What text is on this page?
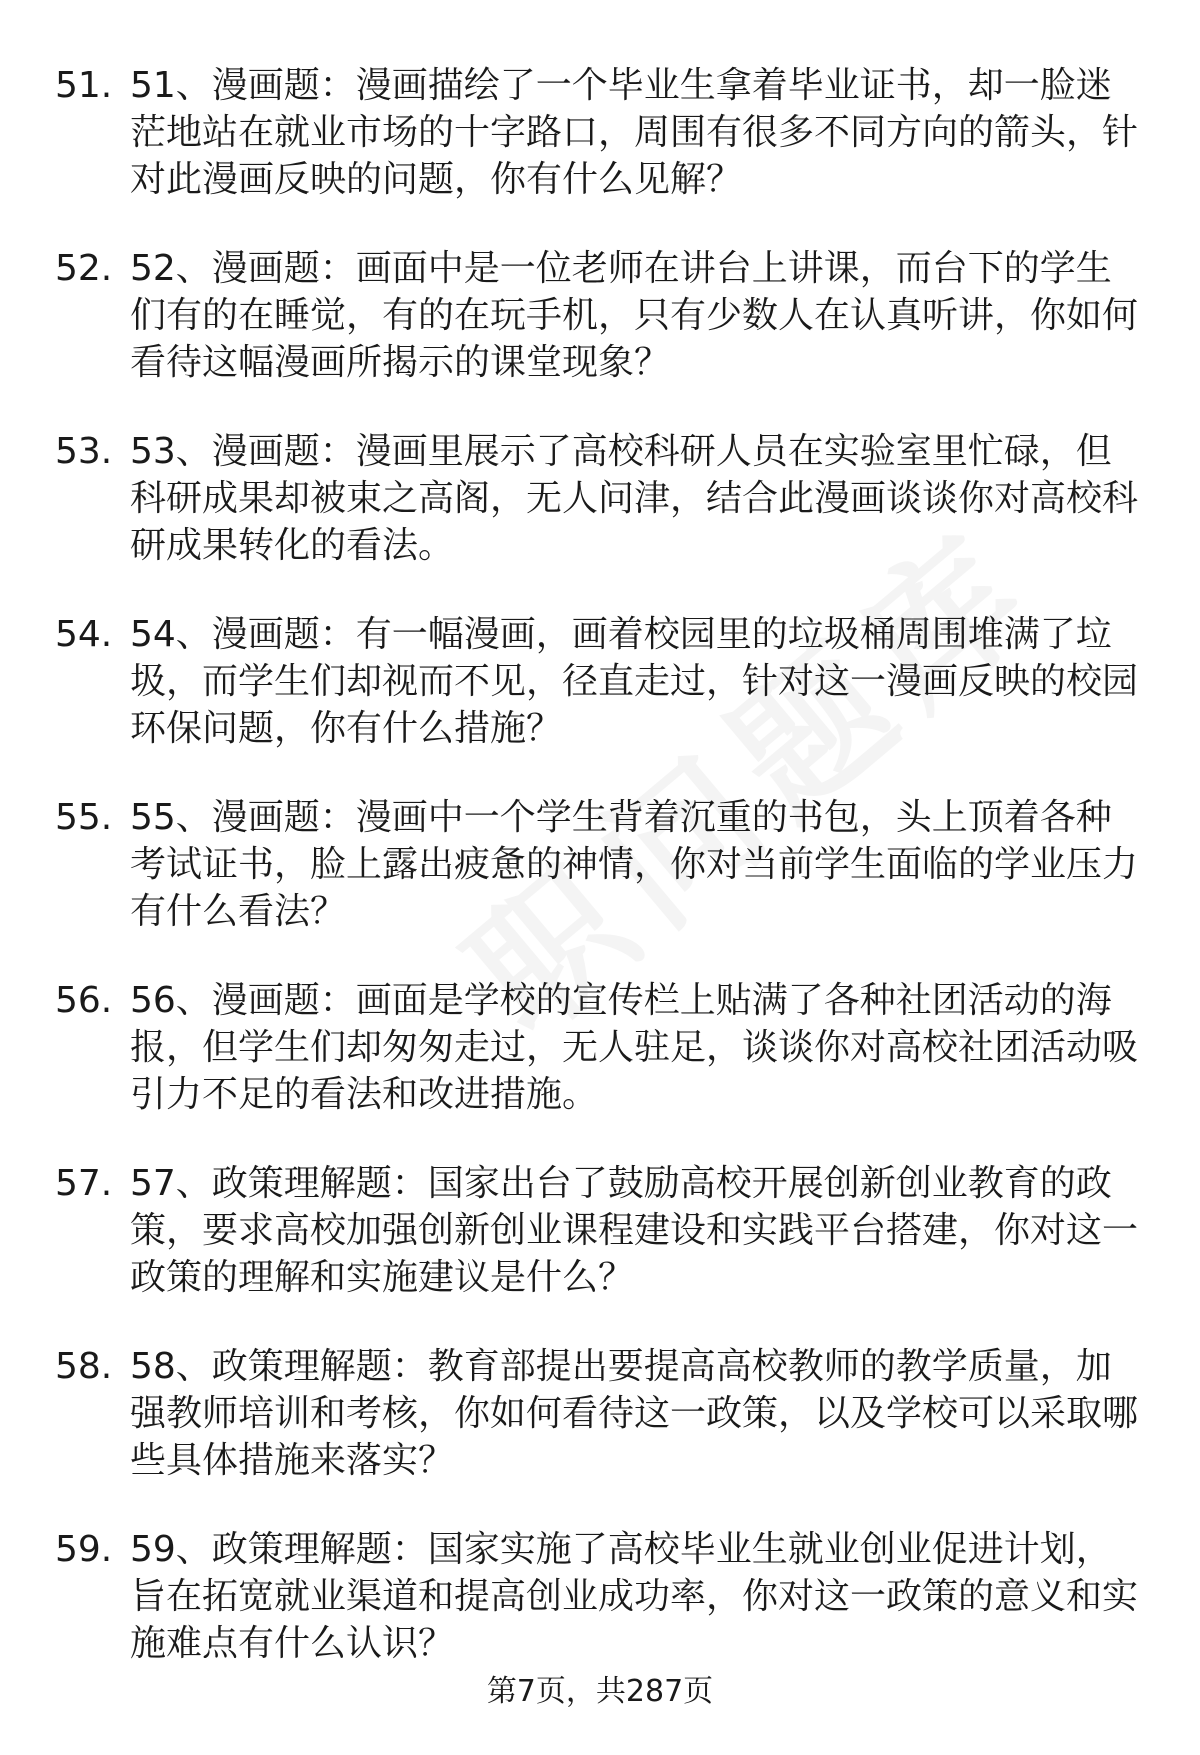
51. 51、漫画题：漫画描绘了一个毕业生拿着毕业证书，却一脸迷茫地站在就业市场的十字路口，周围有很多不同方向的箭头，针对此漫画反映的问题，你有什么见解？
52. 52、漫画题：画面中是一位老师在讲台上讲课，而台下的学生们有的在睡觉，有的在玩手机，只有少数人在认真听讲，你如何看待这幅漫画所揭示的课堂现象？
53. 53、漫画题：漫画里展示了高校科研人员在实验室里忙碌，但科研成果却被束之高阁，无人问津，结合此漫画谈谈你对高校科研成果转化的看法。
54. 54、漫画题：有一幅漫画，画着校园里的垃圾桶周围堆满了垃圾，而学生们却视而不见，径直走过，针对这一漫画反映的校园环保问题，你有什么措施？
55. 55、漫画题：漫画中一个学生背着沉重的书包，头上顶着各种考试证书，脸上露出疲惫的神情，你对当前学生面临的学业压力有什么看法？
56. 56、漫画题：画面是学校的宣传栏上贴满了各种社团活动的海报，但学生们却匆匆走过，无人驻足，谈谈你对高校社团活动吸引力不足的看法和改进措施。
57. 57、政策理解题：国家出台了鼓励高校开展创新创业教育的政策，要求高校加强创新创业课程建设和实践平台搭建，你对这一政策的理解和实施建议是什么？
58. 58、政策理解题：教育部提出要提高高校教师的教学质量，加强教师培训和考核，你如何看待这一政策，以及学校可以采取哪些具体措施来落实？
59. 59、政策理解题：国家实施了高校毕业生就业创业促进计划，旨在拓宽就业渠道和提高创业成功率，你对这一政策的意义和实施难点有什么认识？
第7页，共287页
